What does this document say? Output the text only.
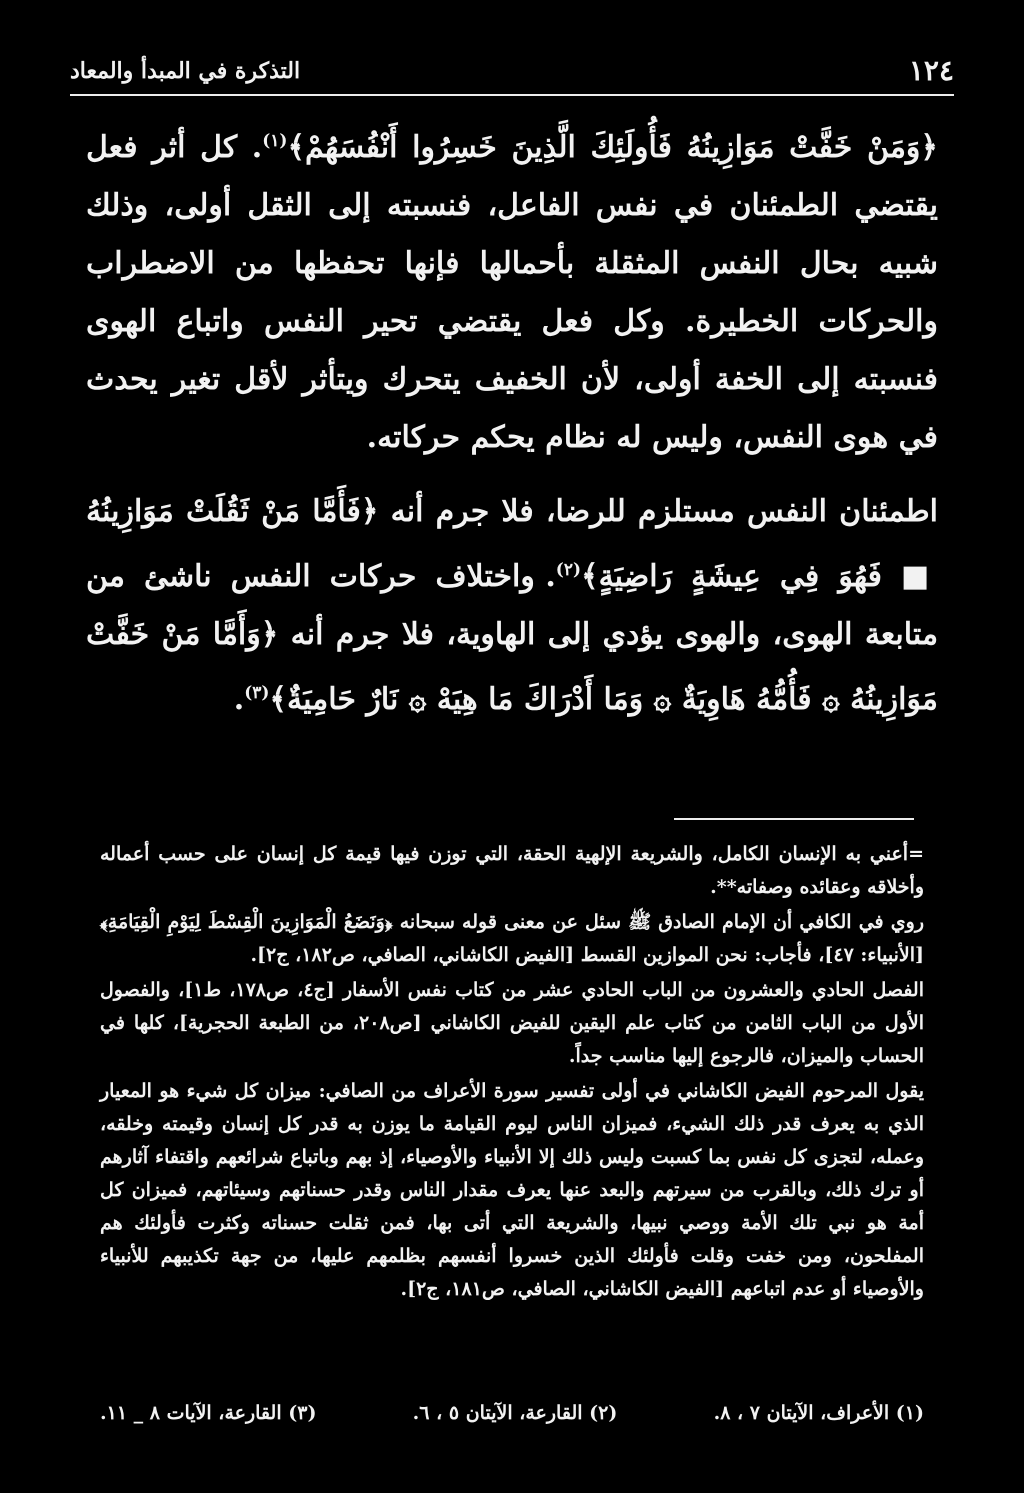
١٢٤
التذكرة في المبدأ والمعاد

﴿وَمَنْ خَفَّتْ مَوَازِينُهُ فَأُولَئِكَ الَّذِينَ خَسِرُوا أَنْفُسَهُمْ﴾$^{(١)}$. كل أثر فعل يقتضي الطمئنان في نفس الفاعل، فنسبته إلى الثقل أولى، وذلك شبيه بحال النفس المثقلة بأحمالها فإنها تحفظها من الاضطراب والحركات الخطيرة. وكل فعل يقتضي تحير النفس واتباع الهوى فنسبته إلى الخفة أولى، لأن الخفيف يتحرك ويتأثر لأقل تغير يحدث في هوى النفس، وليس له نظام يحكم حركاته.

اطمئنان النفس مستلزم للرضا، فلا جرم أنه ﴿فَأَمَّا مَنْ ثَقُلَتْ مَوَازِينُهُ ■ فَهُوَ فِي عِيشَةٍ رَاضِيَةٍ﴾$^{(٢)}$. واختلاف حركات النفس ناشئ من متابعة الهوى، والهوى يؤدي إلى الهاوية، فلا جرم أنه ﴿وَأَمَّا مَنْ خَفَّتْ مَوَازِينُهُ ۞ فَأُمُّهُ هَاوِيَةٌ ۞ وَمَا أَدْرَاكَ مَا هِيَهْ ۞ نَارٌ حَامِيَةٌ﴾$^{(٣)}$.

=أعني به الإنسان الكامل، والشريعة الإلهية الحقة، التي توزن فيها قيمة كل إنسان على حسب أعماله وأخلاقه وعقائده وصفاته**.

روي في الكافي أن الإمام الصادق ﷺ سئل عن معنى قوله سبحانه ﴿وَنَضَعُ الْمَوَازِينَ الْقِسْطَ لِيَوْمِ الْقِيَامَةِ﴾ [الأنبياء: ٤٧]، فأجاب: نحن الموازين القسط [الفيض الكاشاني، الصافي، ص١٨٢، ج٢].

الفصل الحادي والعشرون من الباب الحادي عشر من كتاب نفس الأسفار [ج٤، ص١٧٨، ط١]، والفصول الأول من الباب الثامن من كتاب علم اليقين للفيض الكاشاني [ص٢٠٨، من الطبعة الحجرية]، كلها في الحساب والميزان، فالرجوع إليها مناسب جداً.

يقول المرحوم الفيض الكاشاني في أولى تفسير سورة الأعراف من الصافي: ميزان كل شيء هو المعيار الذي به يعرف قدر ذلك الشيء، فميزان الناس ليوم القيامة ما يوزن به قدر كل إنسان وقيمته وخلقه، وعمله، لتجزى كل نفس بما كسبت وليس ذلك إلا الأنبياء والأوصياء، إذ بهم وباتباع شرائعهم واقتفاء آثارهم أو ترك ذلك، وبالقرب من سيرتهم والبعد عنها يعرف مقدار الناس وقدر حسناتهم وسيئاتهم، فميزان كل أمة هو نبي تلك الأمة ووصي نبيها، والشريعة التي أتى بها، فمن ثقلت حسناته وكثرت فأولئك هم المفلحون، ومن خفت وقلت فأولئك الذين خسروا أنفسهم بظلمهم عليها، من جهة تكذيبهم للأنبياء والأوصياء أو عدم اتباعهم [الفيض الكاشاني، الصافي، ص١٨١، ج٢].

(١) الأعراف، الآيتان ٧ ، ٨.
(٢) القارعة، الآيتان ٥ ، ٦.
(٣) القارعة، الآيات ٨ _ ١١.
